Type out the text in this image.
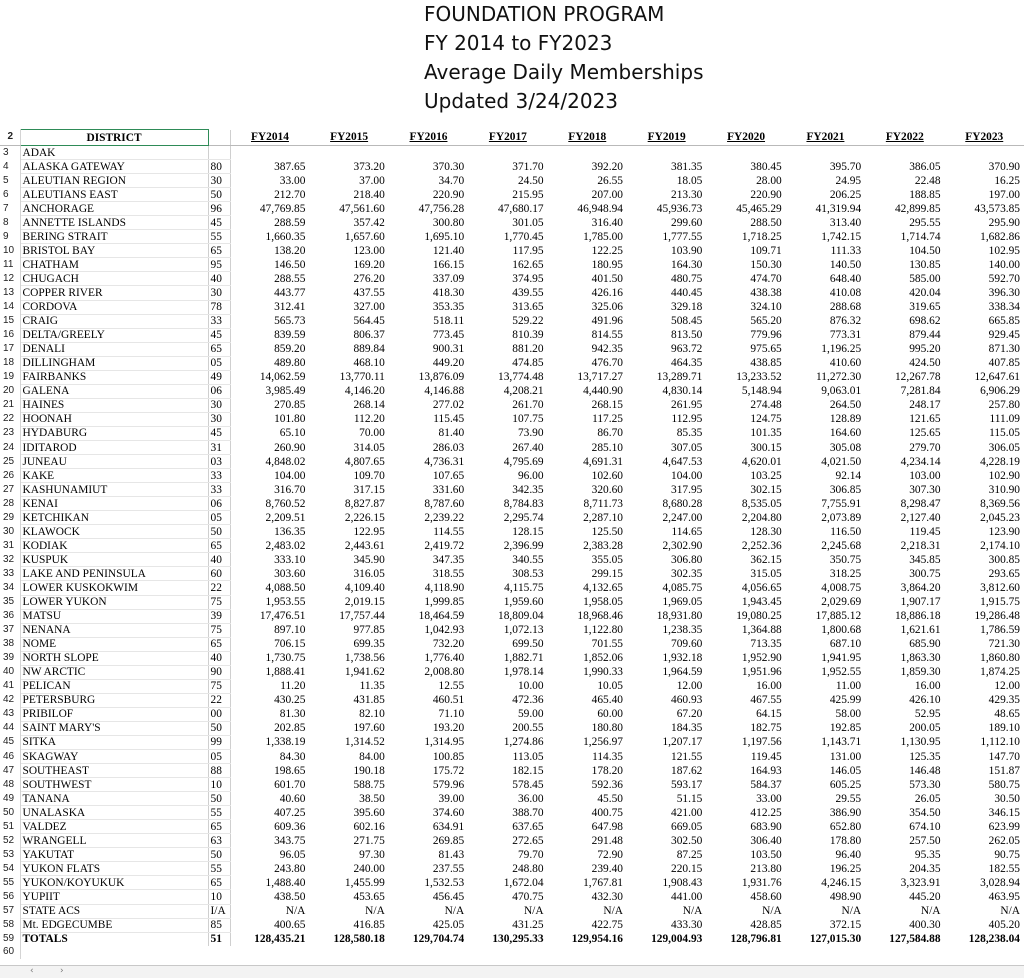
FOUNDATION PROGRAM
FY 2014 to FY2023
Average Daily Memberships
Updated 3/24/2023
2	DISTRICT		FY2014	FY2015	FY2016	FY2017	FY2018	FY2019	FY2020	FY2021	FY2022	FY2023
3	ADAK											
4	ALASKA GATEWAY	80	387.65	373.20	370.30	371.70	392.20	381.35	380.45	395.70	386.05	370.90
5	ALEUTIAN REGION	30	33.00	37.00	34.70	24.50	26.55	18.05	28.00	24.95	22.48	16.25
6	ALEUTIANS EAST	50	212.70	218.40	220.90	215.95	207.00	213.30	220.90	206.25	188.85	197.00
7	ANCHORAGE	96	47,769.85	47,561.60	47,756.28	47,680.17	46,948.94	45,936.73	45,465.29	41,319.94	42,899.85	43,573.85
8	ANNETTE ISLANDS	45	288.59	357.42	300.80	301.05	316.40	299.60	288.50	313.40	295.55	295.90
9	BERING STRAIT	55	1,660.35	1,657.60	1,695.10	1,770.45	1,785.00	1,777.55	1,718.25	1,742.15	1,714.74	1,682.86
10	BRISTOL BAY	65	138.20	123.00	121.40	117.95	122.25	103.90	109.71	111.33	104.50	102.95
11	CHATHAM	95	146.50	169.20	166.15	162.65	180.95	164.30	150.30	140.50	130.85	140.00
12	CHUGACH	40	288.55	276.20	337.09	374.95	401.50	480.75	474.70	648.40	585.00	592.70
13	COPPER RIVER	30	443.77	437.55	418.30	439.55	426.16	440.45	438.38	410.08	420.04	396.30
14	CORDOVA	78	312.41	327.00	353.35	313.65	325.06	329.18	324.10	288.68	319.65	338.34
15	CRAIG	33	565.73	564.45	518.11	529.22	491.96	508.45	565.20	876.32	698.62	665.85
16	DELTA/GREELY	45	839.59	806.37	773.45	810.39	814.55	813.50	779.96	773.31	879.44	929.45
17	DENALI	65	859.20	889.84	900.31	881.20	942.35	963.72	975.65	1,196.25	995.20	871.30
18	DILLINGHAM	05	489.80	468.10	449.20	474.85	476.70	464.35	438.85	410.60	424.50	407.85
19	FAIRBANKS	49	14,062.59	13,770.11	13,876.09	13,774.48	13,717.27	13,289.71	13,233.52	11,272.30	12,267.78	12,647.61
20	GALENA	06	3,985.49	4,146.20	4,146.88	4,208.21	4,440.90	4,830.14	5,148.94	9,063.01	7,281.84	6,906.29
21	HAINES	30	270.85	268.14	277.02	261.70	268.15	261.95	274.48	264.50	248.17	257.80
22	HOONAH	30	101.80	112.20	115.45	107.75	117.25	112.95	124.75	128.89	121.65	111.09
23	HYDABURG	45	65.10	70.00	81.40	73.90	86.70	85.35	101.35	164.60	125.65	115.05
24	IDITAROD	31	260.90	314.05	286.03	267.40	285.10	307.05	300.15	305.08	279.70	306.05
25	JUNEAU	03	4,848.02	4,807.65	4,736.31	4,795.69	4,691.31	4,647.53	4,620.01	4,021.50	4,234.14	4,228.19
26	KAKE	33	104.00	109.70	107.65	96.00	102.60	104.00	103.25	92.14	103.00	102.90
27	KASHUNAMIUT	33	316.70	317.15	331.60	342.35	320.60	317.95	302.15	306.85	307.30	310.90
28	KENAI	06	8,760.52	8,827.87	8,787.60	8,784.83	8,711.73	8,680.28	8,535.05	7,755.91	8,298.47	8,369.56
29	KETCHIKAN	05	2,209.51	2,226.15	2,239.22	2,295.74	2,287.10	2,247.00	2,204.80	2,073.89	2,127.40	2,045.23
30	KLAWOCK	50	136.35	122.95	114.55	128.15	125.50	114.65	128.30	116.50	119.45	123.90
31	KODIAK	65	2,483.02	2,443.61	2,419.72	2,396.99	2,383.28	2,302.90	2,252.36	2,245.68	2,218.31	2,174.10
32	KUSPUK	40	333.10	345.90	347.35	340.55	355.05	306.80	362.15	350.75	345.85	300.85
33	LAKE AND PENINSULA	60	303.60	316.05	318.55	308.53	299.15	302.35	315.05	318.25	300.75	293.65
34	LOWER KUSKOKWIM	22	4,088.50	4,109.40	4,118.90	4,115.75	4,132.65	4,085.75	4,056.65	4,008.75	3,864.20	3,812.60
35	LOWER YUKON	75	1,953.55	2,019.15	1,999.85	1,959.60	1,958.05	1,969.05	1,943.45	2,029.69	1,907.17	1,915.75
36	MATSU	39	17,476.51	17,757.44	18,464.59	18,809.04	18,968.46	18,931.80	19,080.25	17,885.12	18,886.18	19,286.48
37	NENANA	75	897.10	977.85	1,042.93	1,072.13	1,122.80	1,238.35	1,364.88	1,800.68	1,621.61	1,786.59
38	NOME	65	706.15	699.35	732.20	699.50	701.55	709.60	713.35	687.10	685.90	721.30
39	NORTH SLOPE	40	1,730.75	1,738.56	1,776.40	1,882.71	1,852.06	1,932.18	1,952.90	1,941.95	1,863.30	1,860.80
40	NW ARCTIC	90	1,888.41	1,941.62	2,008.80	1,978.14	1,990.33	1,964.59	1,951.96	1,952.55	1,859.30	1,874.25
41	PELICAN	75	11.20	11.35	12.55	10.00	10.05	12.00	16.00	11.00	16.00	12.00
42	PETERSBURG	22	430.25	431.85	460.51	472.36	465.40	460.93	467.55	425.99	426.10	429.35
43	PRIBILOF	00	81.30	82.10	71.10	59.00	60.00	67.20	64.15	58.00	52.95	48.65
44	SAINT MARY'S	50	202.85	197.60	193.20	200.55	180.80	184.35	182.75	192.85	200.05	189.10
45	SITKA	99	1,338.19	1,314.52	1,314.95	1,274.86	1,256.97	1,207.17	1,197.56	1,143.71	1,130.95	1,112.10
46	SKAGWAY	05	84.30	84.00	100.85	113.05	114.35	121.55	119.45	131.00	125.35	147.70
47	SOUTHEAST	88	198.65	190.18	175.72	182.15	178.20	187.62	164.93	146.05	146.48	151.87
48	SOUTHWEST	10	601.70	588.75	579.96	578.45	592.36	593.17	584.37	605.25	573.30	580.75
49	TANANA	50	40.60	38.50	39.00	36.00	45.50	51.15	33.00	29.55	26.05	30.50
50	UNALASKA	55	407.25	395.60	374.60	388.70	400.75	421.00	412.25	386.90	354.50	346.15
51	VALDEZ	65	609.36	602.16	634.91	637.65	647.98	669.05	683.90	652.80	674.10	623.99
52	WRANGELL	63	343.75	271.75	269.85	272.65	291.48	302.50	306.40	178.80	257.50	262.05
53	YAKUTAT	50	96.05	97.30	81.43	79.70	72.90	87.25	103.50	96.40	95.35	90.75
54	YUKON FLATS	55	243.80	240.00	237.55	248.80	239.40	220.15	213.80	196.25	204.35	182.55
55	YUKON/KOYUKUK	65	1,488.40	1,455.99	1,532.53	1,672.04	1,767.81	1,908.43	1,931.76	4,246.15	3,323.91	3,028.94
56	YUPIIT	10	438.50	453.65	456.45	470.75	432.30	441.00	458.60	498.90	445.20	463.95
57	STATE ACS	I/A	N/A	N/A	N/A	N/A	N/A	N/A	N/A	N/A	N/A	N/A
58	Mt. EDGECUMBE	85	400.65	416.85	425.05	431.25	422.75	433.30	428.85	372.15	400.30	405.20
59	TOTALS	51	128,435.21	128,580.18	129,704.74	130,295.33	129,954.16	129,004.93	128,796.81	127,015.30	127,584.88	128,238.04
60												
‹	›
